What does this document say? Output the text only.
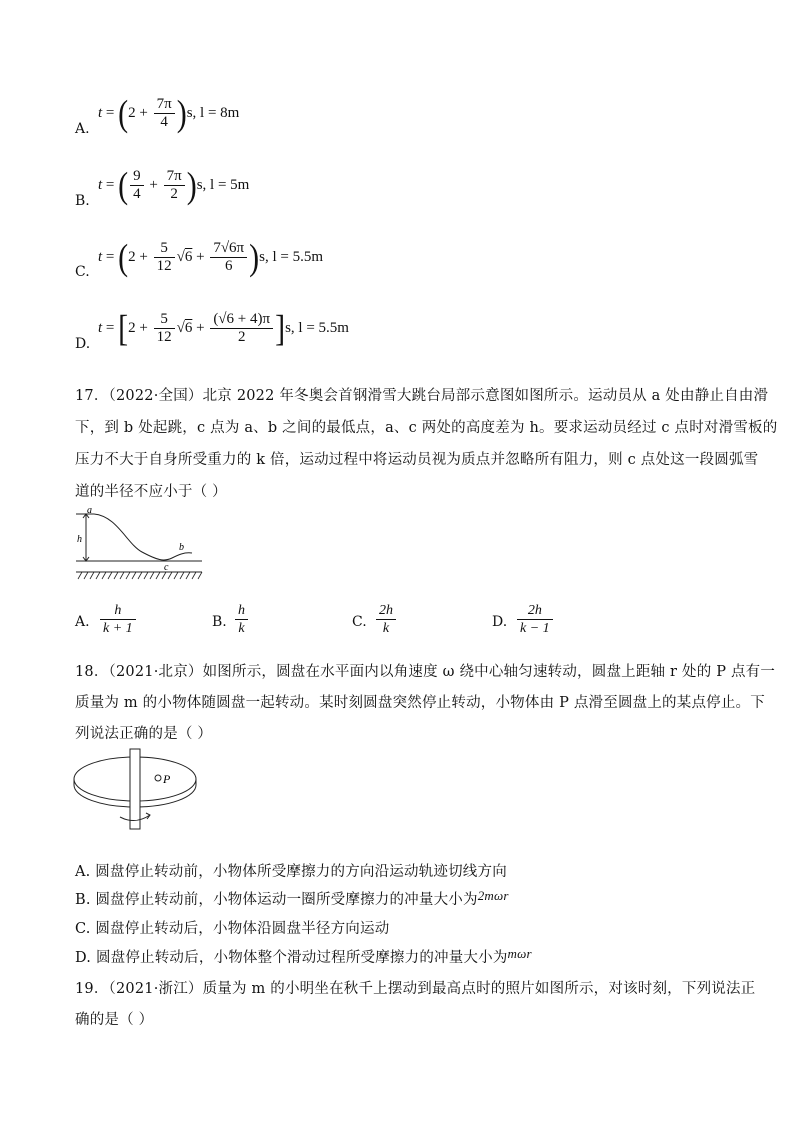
A.
$t = (2 + \frac{7\pi}{4} )s$, l = 8m
B.
t = ( $\frac{9}{4} + \frac{7\pi}{2} )s$, l = 5m
C.
$t = (2 + \frac{5}{12} √6 + \frac{7√6\pi}{6} )s$, l = 5.5m
D.
$t = [2 + \frac{5}{12} √6 + \frac{(√6 + 4)\pi}{2} ]s$, l = 5.5m
17．（2022·全国）北京 2022 年冬奥会首钢滑雪大跳台局部示意图如图所示。运动员从 a 处由静止自由滑
下，到 b 处起跳，c 点为 a、b 之间的最低点，a、c 两处的高度差为 h。要求运动员经过 c 点时对滑雪板的
压力不大于自身所受重力的 k 倍，运动过程中将运动员视为质点并忽略所有阻力，则 c 点处这一段圆弧雪
道的半径不应小于（ ）
a
h
c
b
A. $\frac{h}{k + 1}$	B. $\frac{h}{k}$	C. $\frac{2h}{k}$	D. $\frac{2h}{k - 1}$
18．（2021·北京）如图所示，圆盘在水平面内以角速度 ω 绕中心轴匀速转动，圆盘上距轴 r 处的 P 点有一
质量为 m 的小物体随圆盘一起转动。某时刻圆盘突然停止转动，小物体由 P 点滑至圆盘上的某点停止。下
列说法正确的是（ ）
P
A. 圆盘停止转动前，小物体所受摩擦力的方向沿运动轨迹切线方向
B. 圆盘停止转动前，小物体运动一圈所受摩擦力的冲量大小为2mωr
C. 圆盘停止转动后，小物体沿圆盘半径方向运动
D. 圆盘停止转动后，小物体整个滑动过程所受摩擦力的冲量大小为mωr
19．（2021·浙江）质量为 m 的小明坐在秋千上摆动到最高点时的照片如图所示，对该时刻，下列说法正
确的是（ ）
